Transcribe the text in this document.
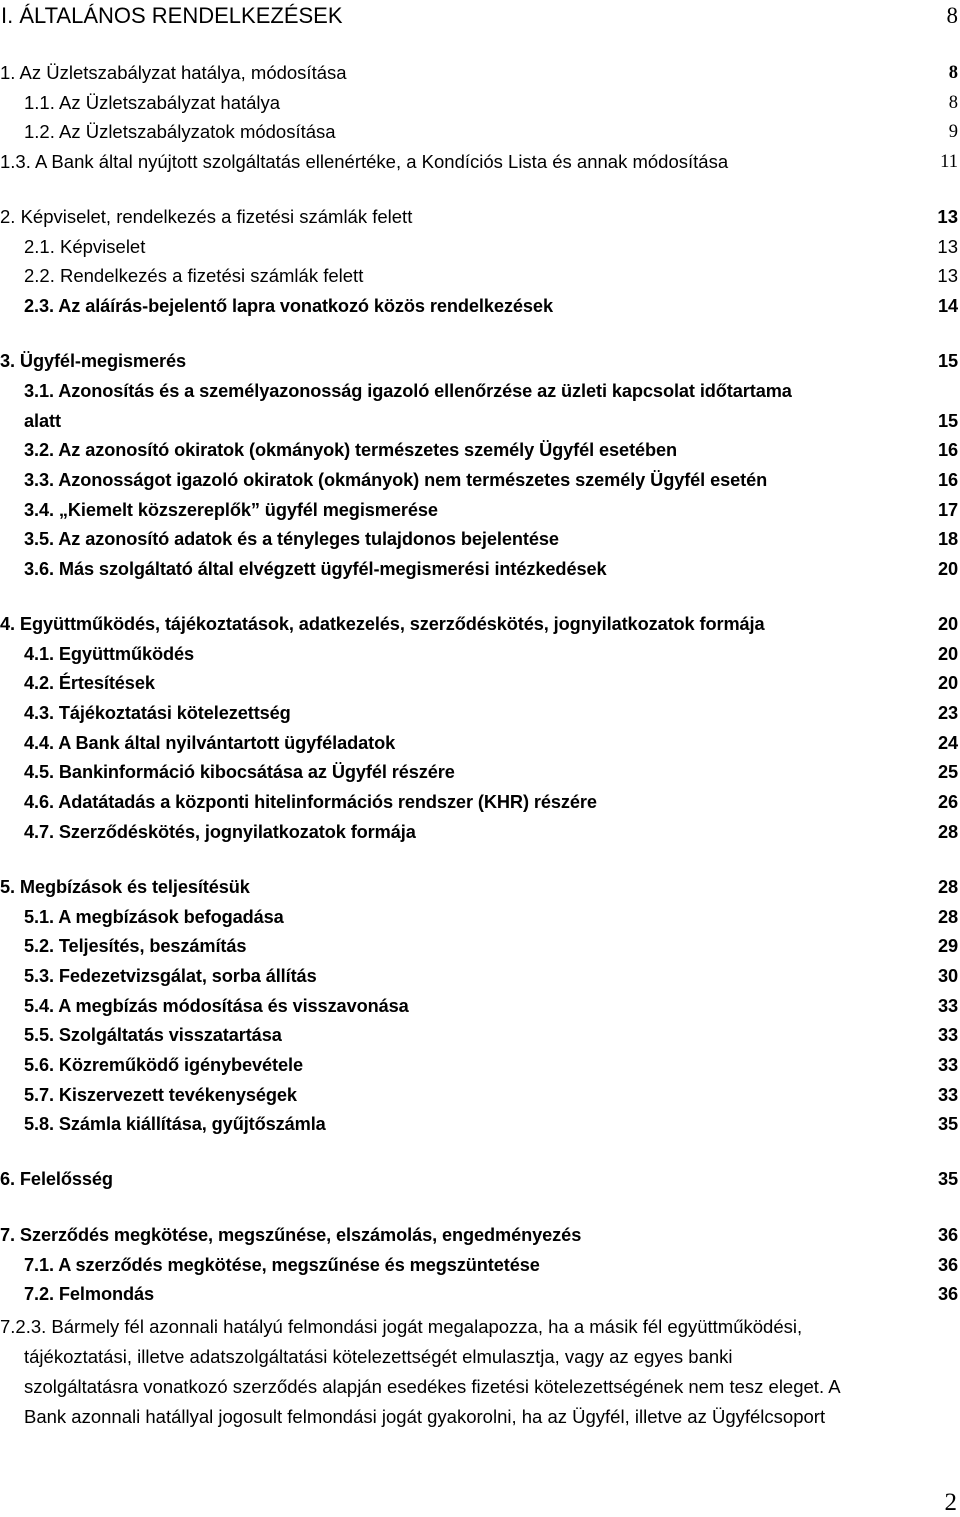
I. ÁLTALÁNOS RENDELKEZÉSEK	8
1. Az Üzletszabályzat hatálya, módosítása	8
1.1. Az Üzletszabályzat hatálya	8
1.2. Az Üzletszabályzatok módosítása	9
1.3. A Bank által nyújtott szolgáltatás ellenértéke, a Kondíciós Lista és annak módosítása	11
2. Képviselet, rendelkezés a fizetési számlák felett	13
2.1. Képviselet	13
2.2. Rendelkezés a fizetési számlák felett	13
2.3. Az aláírás-bejelentő lapra vonatkozó közös rendelkezések	14
3. Ügyfél-megismerés	15
3.1. Azonosítás és a személyazonosság igazoló ellenőrzése az üzleti kapcsolat időtartama
alatt	15
3.2. Az azonosító okiratok (okmányok) természetes személy Ügyfél esetében	16
3.3. Azonosságot igazoló okiratok (okmányok) nem természetes személy Ügyfél esetén	16
3.4. „Kiemelt közszereplők” ügyfél megismerése	17
3.5. Az azonosító adatok és a tényleges tulajdonos bejelentése	18
3.6. Más szolgáltató által elvégzett ügyfél-megismerési intézkedések	20
4. Együttműködés, tájékoztatások, adatkezelés, szerződéskötés, jognyilatkozatok formája	20
4.1. Együttműködés	20
4.2. Értesítések	20
4.3. Tájékoztatási kötelezettség	23
4.4. A Bank által nyilvántartott ügyféladatok	24
4.5. Bankinformáció kibocsátása az Ügyfél részére	25
4.6. Adatátadás a központi hitelinformációs rendszer (KHR) részére	26
4.7. Szerződéskötés, jognyilatkozatok formája	28
5. Megbízások és teljesítésük	28
5.1. A megbízások befogadása	28
5.2. Teljesítés, beszámítás	29
5.3. Fedezetvizsgálat, sorba állítás	30
5.4. A megbízás módosítása és visszavonása	33
5.5. Szolgáltatás visszatartása	33
5.6. Közreműködő igénybevétele	33
5.7. Kiszervezett tevékenységek	33
5.8. Számla kiállítása, gyűjtőszámla	35
6. Felelősség	35
7. Szerződés megkötése, megszűnése, elszámolás, engedményezés	36
7.1. A szerződés megkötése, megszűnése és megszüntetése	36
7.2. Felmondás	36
7.2.3. Bármely fél azonnali hatályú felmondási jogát megalapozza, ha a másik fél együttműködési,
tájékoztatási, illetve adatszolgáltatási kötelezettségét elmulasztja, vagy az egyes banki
szolgáltatásra vonatkozó szerződés alapján esedékes fizetési kötelezettségének nem tesz eleget. A
Bank azonnali hatállyal jogosult felmondási jogát gyakorolni, ha az Ügyfél, illetve az Ügyfélcsoport
2
